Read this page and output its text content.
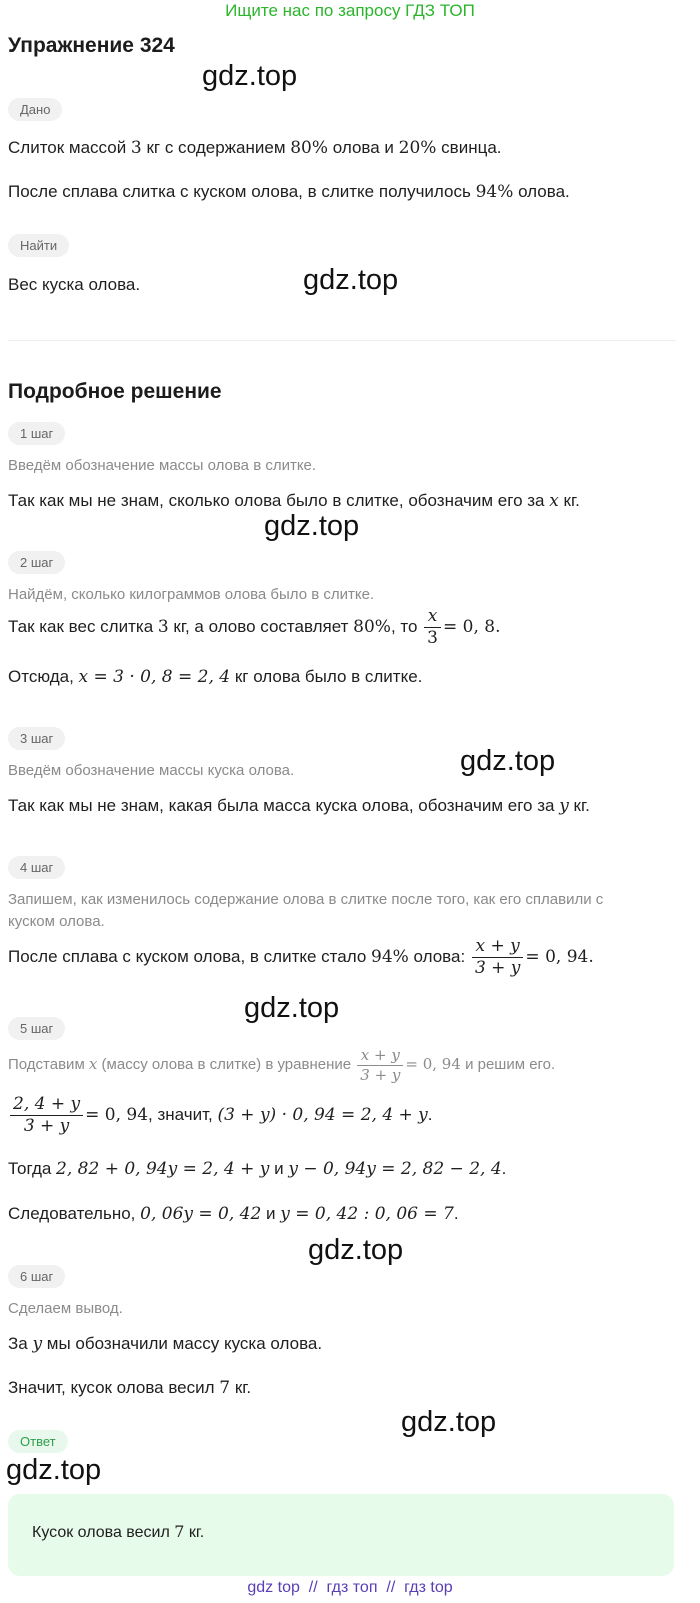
Ищите нас по запросу ГДЗ ТОП
Упражнение 324
gdz.top
gdz.top
gdz.top
gdz.top
gdz.top
gdz.top
gdz.top
Дано
Слиток массой 3 кг с содержанием 80% олова и 20% свинца.
После сплава слитка с куском олова, в слитке получилось 94% олова.
Найти
Вес куска олова.
Подробное решение
1 шаг
Введём обозначение массы олова в слитке.
Так как мы не знам, сколько олова было в слитке, обозначим его за x кг.
2 шаг
Найдём, сколько килограммов олова было в слитке.
Так как вес слитка 3 кг, а олово составляет 80%, то $\frac{x}{3} = 0$, 8.
Отсюда, x = 3 · 0, 8 = 2, 4 кг олова было в слитке.
3 шаг
Введём обозначение массы куска олова.
Так как мы не знам, какая была масса куска олова, обозначим его за y кг.
4 шаг
Запишем, как изменилось содержание олова в слитке после того, как его сплавили с
куском олова.
После сплава с куском олова, в слитке стало 94% олова: $\frac{x + y}{3 + y} = 0$, 94.
5 шаг
Подставим x (массу олова в слитке) в уравнение $\frac{x + y}{3 + y} = 0$, 94 и решим его.
$\frac{2, 4 + y}{3 + y} = 0$, 94, значит, (3 + y) · 0, 94 = 2, 4 + y.
Тогда 2, 82 + 0, 94y = 2, 4 + y и y − 0, 94y = 2, 82 − 2, 4.
Следовательно, 0, 06y = 0, 42 и y = 0, 42 : 0, 06 = 7.
6 шаг
Сделаем вывод.
За y мы обозначили массу куска олова.
Значит, кусок олова весил 7 кг.
Ответ
gdz.top
Кусок олова весил 7 кг.
gdz top  //  гдз топ  //  гдз top
